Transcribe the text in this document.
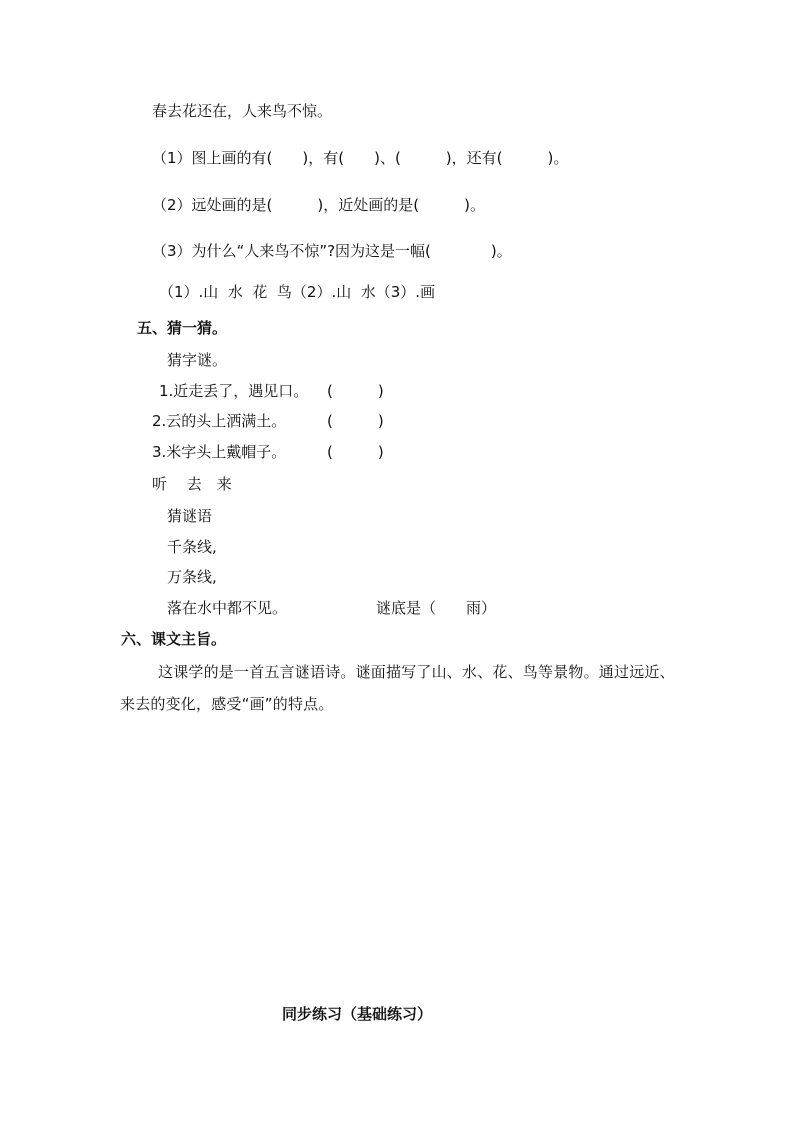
春去花还在，人来鸟不惊。
（1）图上画的有(　　)，有(　　)、(　　　)，还有(　　　)。
（2）远处画的是(　　　)，近处画的是(　　　)。
（3）为什么“人来鸟不惊”?因为这是一幅(　　　　)。
（1）.山  水  花  鸟（2）.山  水（3）.画
五、猜一猜。
猜字谜。
1.近走丢了，遇见口。 (　　　)
2.云的头上洒满土。	(　　　)
3.米字头上戴帽子。	(　　　)
听　 去　来
猜谜语
千条线,
万条线,
落在水中都不见。	谜底是（　　雨）
六、课文主旨。
这课学的是一首五言谜语诗。谜面描写了山、水、花、鸟等景物。通过远近、来去的变化，感受“画”的特点。
同步练习（基础练习）
